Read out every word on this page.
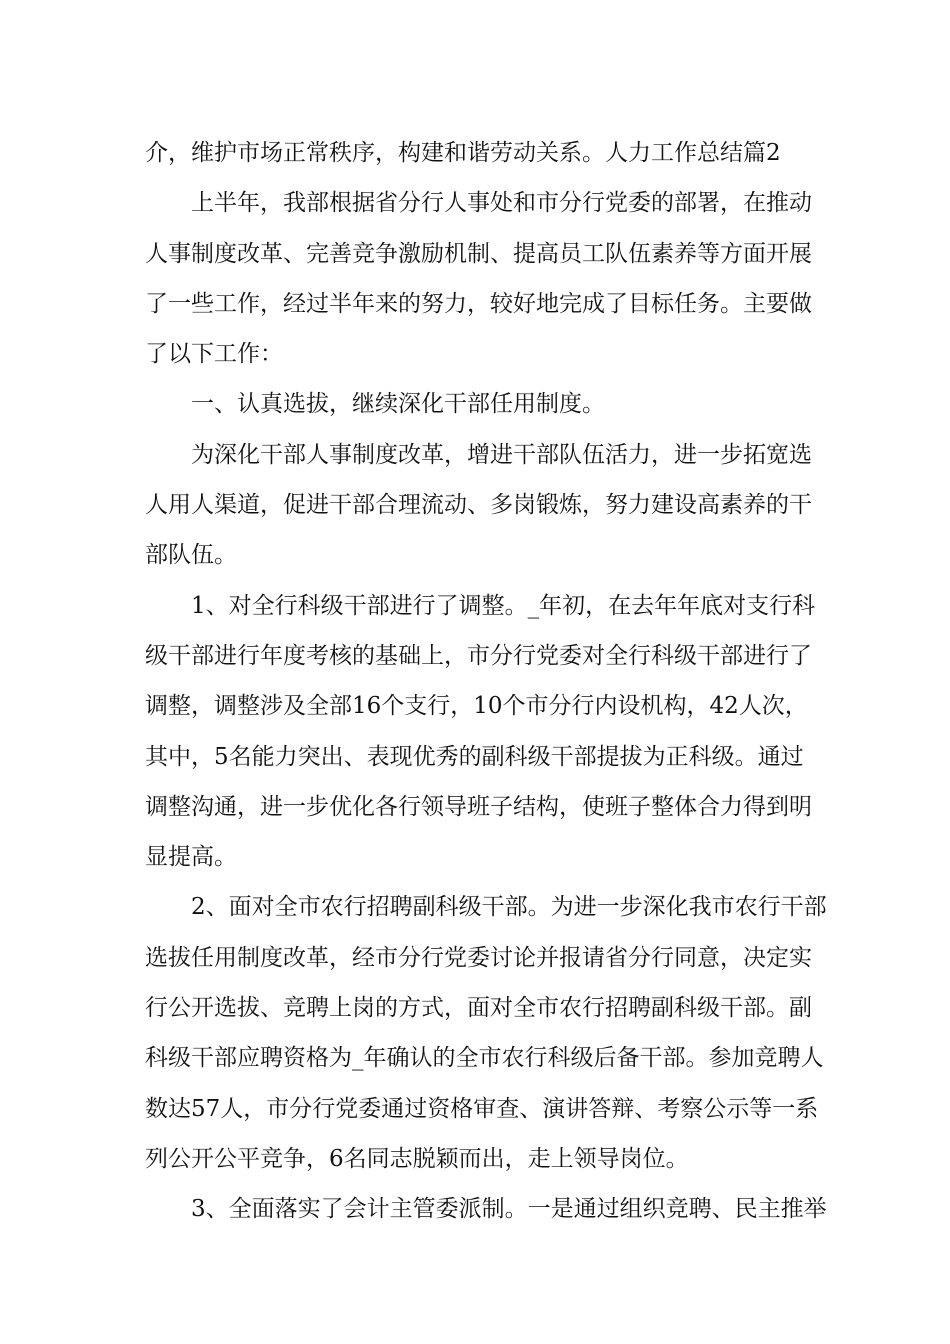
介，维护市场正常秩序，构建和谐劳动关系。人力工作总结篇2
上半年，我部根据省分行人事处和市分行党委的部署，在推动
人事制度改革、完善竞争激励机制、提高员工队伍素养等方面开展
了一些工作，经过半年来的努力，较好地完成了目标任务。主要做
了以下工作：
一、认真选拔，继续深化干部任用制度。
为深化干部人事制度改革，增进干部队伍活力，进一步拓宽选
人用人渠道，促进干部合理流动、多岗锻炼，努力建设高素养的干
部队伍。
1、对全行科级干部进行了调整。_年初，在去年年底对支行科
级干部进行年度考核的基础上，市分行党委对全行科级干部进行了
调整，调整涉及全部16个支行，10个市分行内设机构，42人次，
其中，5名能力突出、表现优秀的副科级干部提拔为正科级。通过
调整沟通，进一步优化各行领导班子结构，使班子整体合力得到明
显提高。
2、面对全市农行招聘副科级干部。为进一步深化我市农行干部
选拔任用制度改革，经市分行党委讨论并报请省分行同意，决定实
行公开选拔、竞聘上岗的方式，面对全市农行招聘副科级干部。副
科级干部应聘资格为_年确认的全市农行科级后备干部。参加竞聘人
数达57人，市分行党委通过资格审查、演讲答辩、考察公示等一系
列公开公平竞争，6名同志脱颖而出，走上领导岗位。
3、全面落实了会计主管委派制。一是通过组织竞聘、民主推举
